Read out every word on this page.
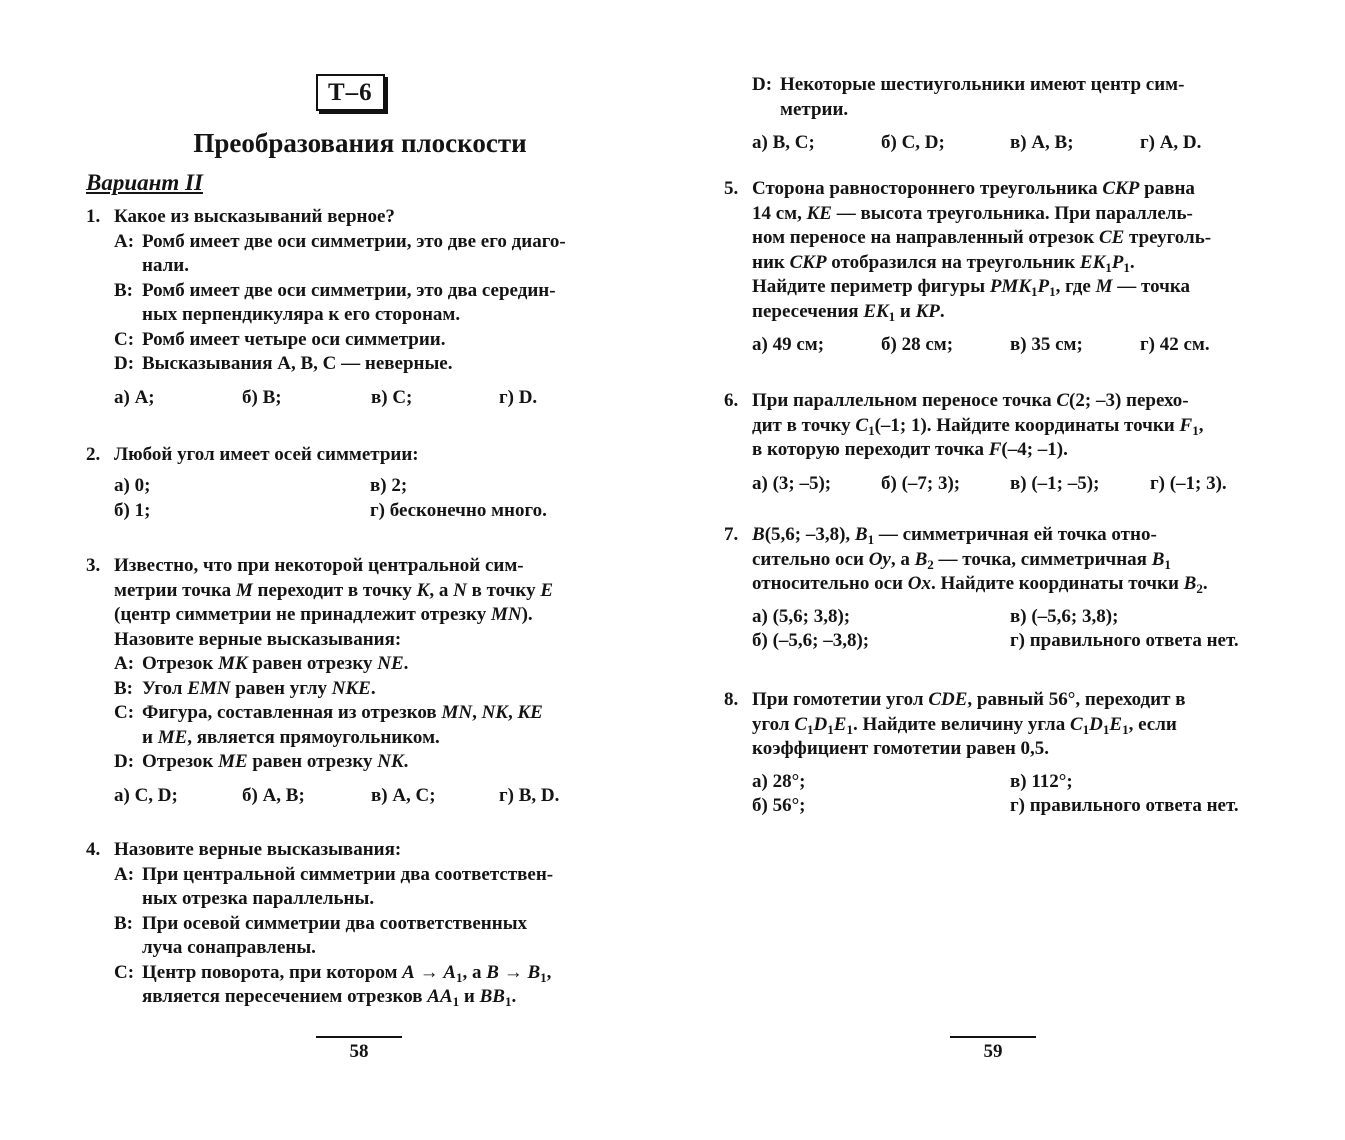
Т–6
Преобразования плоскости
Вариант II
1. Какое из высказываний верное?
А: Ромб имеет две оси симметрии, это две его диаго-
нали.
В: Ромб имеет две оси симметрии, это два середин-
ных перпендикуляра к его сторонам.
С: Ромб имеет четыре оси симметрии.
D: Высказывания А, В, С — неверные.
а) А;	б) В;	в) С;	г) D.
2. Любой угол имеет осей симметрии:
а) 0;	в) 2;
б) 1;	г) бесконечно много.
3. Известно, что при некоторой центральной сим-
метрии точка M переходит в точку K, а N в точку E
(центр симметрии не принадлежит отрезку MN).
Назовите верные высказывания:
А: Отрезок MK равен отрезку NE.
В: Угол EMN равен углу NKE.
С: Фигура, составленная из отрезков MN, NK, KE
и ME, является прямоугольником.
D: Отрезок ME равен отрезку NK.
а) С, D;	б) А, В;	в) А, С;	г) В, D.
4. Назовите верные высказывания:
А: При центральной симметрии два соответствен-
ных отрезка параллельны.
В: При осевой симметрии два соответственных
луча сонаправлены.
С: Центр поворота, при котором $A \to A_1$, а $B \to B_1$,
является пересечением отрезков $AA_1$ и $BB_1$.
58
D: Некоторые шестиугольники имеют центр сим-
метрии.
а) В, С;	б) С, D;	в) А, В;	г) А, D.
5. Сторона равностороннего треугольника CKP равна
14 см, KE — высота треугольника. При параллель-
ном переносе на направленный отрезок CE треуголь-
ник CKP отобразился на треугольник $EK_1P_1$.
Найдите периметр фигуры $PMK_1P_1$, где M — точка
пересечения $EK_1$ и KP.
а) 49 см;	б) 28 см;	в) 35 см;	г) 42 см.
6. При параллельном переносе точка C(2; –3) перехо-
дит в точку $C_1(-1$; 1). Найдите координаты точки $F_1$,
в которую переходит точка F(–4; –1).
а) (3; –5);	б) (–7; 3);	в) (–1; –5);	г) (–1; 3).
7. B(5,6; –3,8), $B_1$ — симметричная ей точка отно-
сительно оси Oy, а $B_2$ — точка, симметричная $B_1$
относительно оси Ox. Найдите координаты точки $B_2$.
а) (5,6; 3,8);	в) (–5,6; 3,8);
б) (–5,6; –3,8);	г) правильного ответа нет.
8. При гомотетии угол CDE, равный 56°, переходит в
угол $C_1D_1E_1$. Найдите величину угла $C_1D_1E_1$, если
коэффициент гомотетии равен 0,5.
а) 28°;	в) 112°;
б) 56°;	г) правильного ответа нет.
59
